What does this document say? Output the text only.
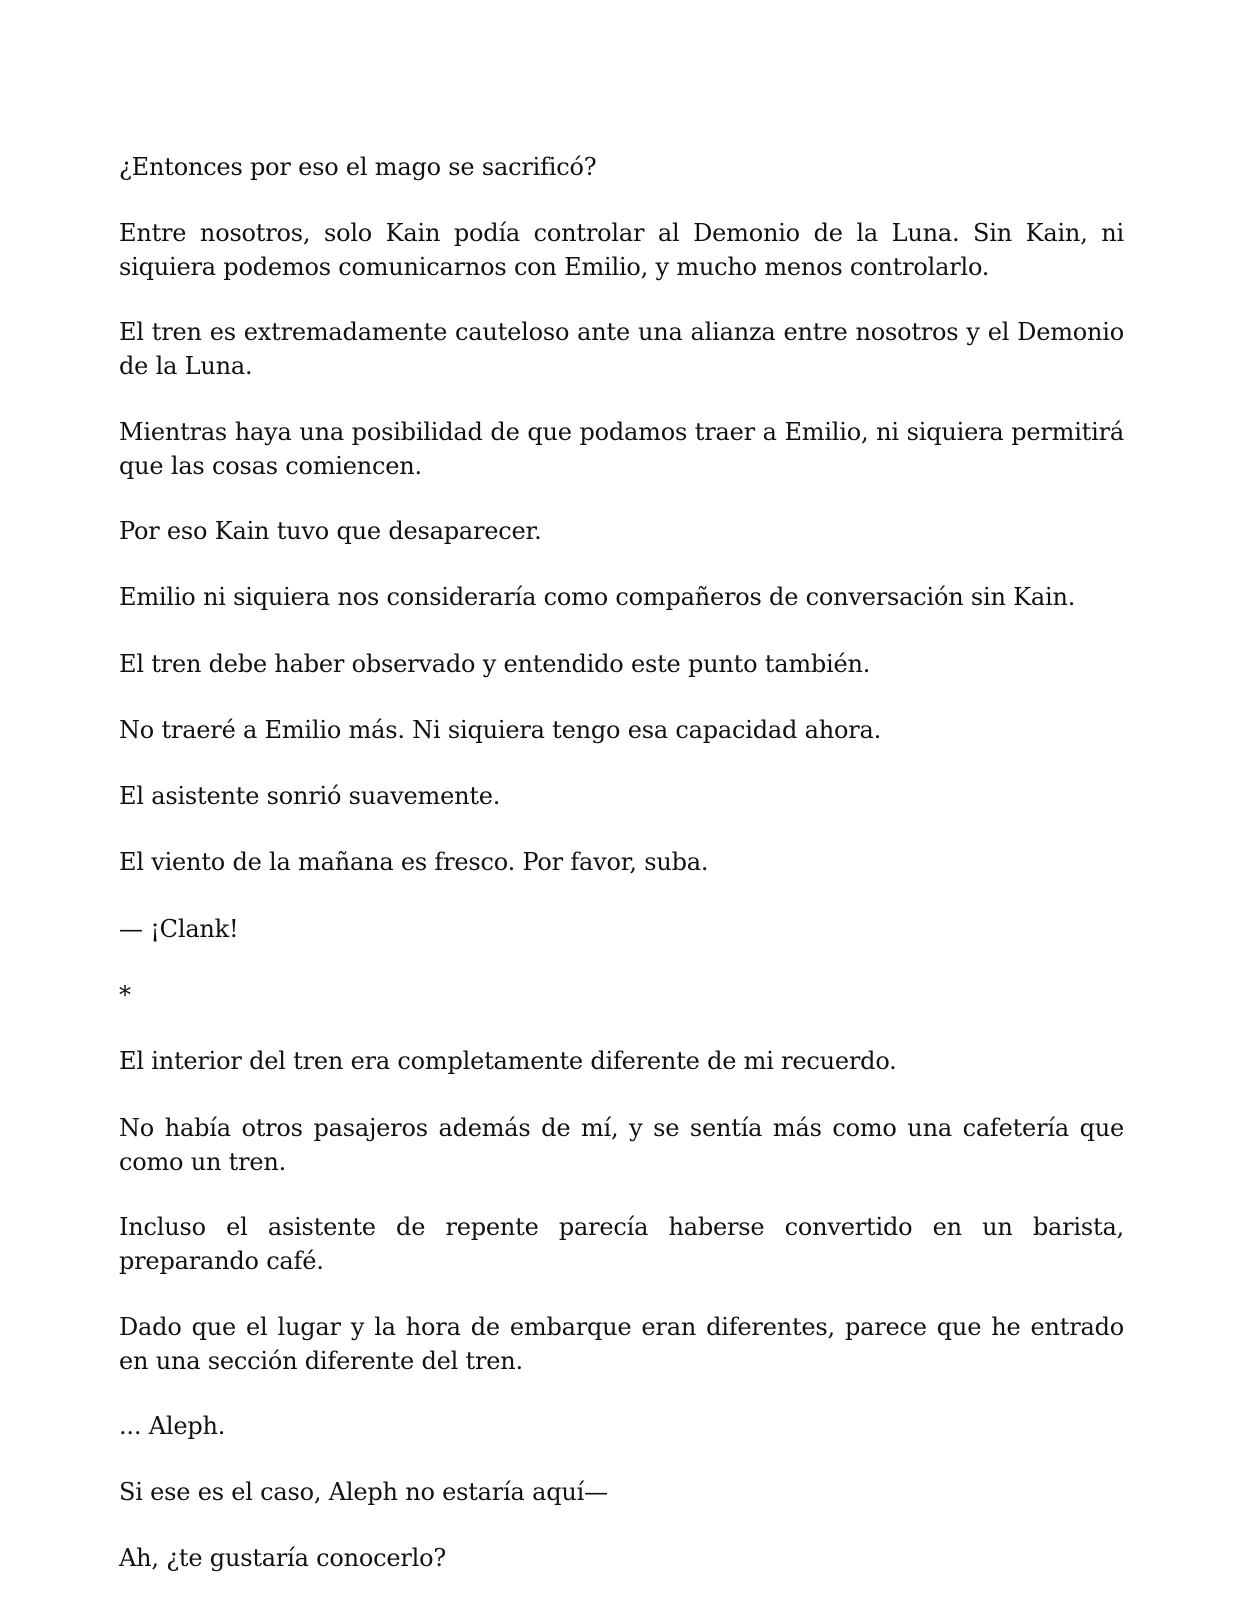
¿Entonces por eso el mago se sacrificó?

Entre nosotros, solo Kain podía controlar al Demonio de la Luna. Sin Kain, ni siquiera podemos comunicarnos con Emilio, y mucho menos controlarlo.

El tren es extremadamente cauteloso ante una alianza entre nosotros y el Demonio de la Luna.

Mientras haya una posibilidad de que podamos traer a Emilio, ni siquiera permitirá que las cosas comiencen.

Por eso Kain tuvo que desaparecer.

Emilio ni siquiera nos consideraría como compañeros de conversación sin Kain.

El tren debe haber observado y entendido este punto también.

No traeré a Emilio más. Ni siquiera tengo esa capacidad ahora.

El asistente sonrió suavemente.

El viento de la mañana es fresco. Por favor, suba.

— ¡Clank!

*

El interior del tren era completamente diferente de mi recuerdo.

No había otros pasajeros además de mí, y se sentía más como una cafetería que como un tren.

Incluso el asistente de repente parecía haberse convertido en un barista, preparando café.

Dado que el lugar y la hora de embarque eran diferentes, parece que he entrado en una sección diferente del tren.

... Aleph.

Si ese es el caso, Aleph no estaría aquí—

Ah, ¿te gustaría conocerlo?
